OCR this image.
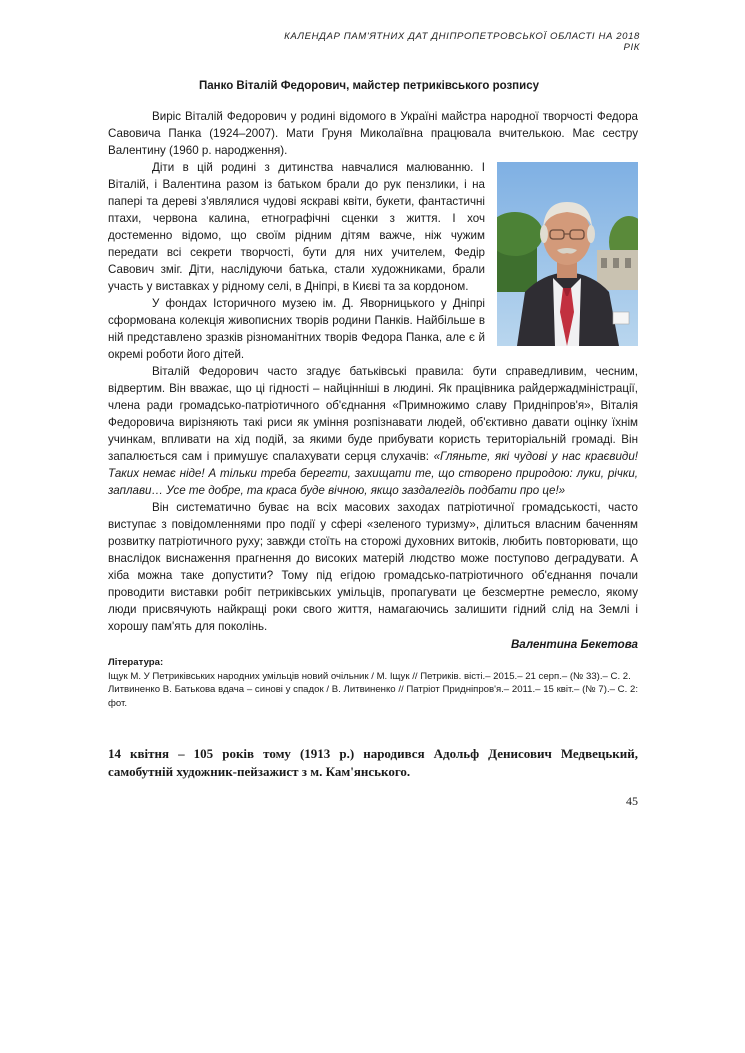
КАЛЕНДАР ПАМ'ЯТНИХ ДАТ ДНІПРОПЕТРОВСЬКОЇ ОБЛАСТІ НА 2018 РІК
Панко Віталій Федорович, майстер петриківського розпису

Виріс Віталій Федорович у родині відомого в Україні майстра народної творчості Федора Савовича Панка (1924–2007). Мати Груня Миколаївна працювала вчителькою. Має сестру Валентину (1960 р. народження).

Діти в цій родині з дитинства навчалися малюванню. І Віталій, і Валентина разом із батьком брали до рук пензлики, і на папері та дереві з'являлися чудові яскраві квіти, букети, фантастичні птахи, червона калина, етнографічні сценки з життя. І хоч достеменно відомо, що своїм рідним дітям важче, ніж чужим передати всі секрети творчості, бути для них учителем, Федір Савович зміг. Діти, наслідуючи батька, стали художниками, брали участь у виставках у рідному селі, в Дніпрі, в Києві та за кордоном.

У фондах Історичного музею ім. Д. Яворницького у Дніпрі сформована колекція живописних творів родини Панків. Найбільше в ній представлено зразків різноманітних творів Федора Панка, але є й окремі роботи його дітей.

Віталій Федорович часто згадує батьківські правила: бути справедливим, чесним, відвертим. Він вважає, що ці гідності – найцінніші в людині. Як працівника райдержадміністрації, члена ради громадсько-патріотичного об'єднання «Примножимо славу Придніпров'я», Віталія Федоровича вирізняють такі риси як уміння розпізнавати людей, об'єктивно давати оцінку їхнім учинкам, впливати на хід подій, за якими буде прибувати користь територіальній громаді. Він запалюється сам і примушує спалахувати серця слухачів: «Гляньте, які чудові у нас краєвиди! Таких немає ніде! А тільки треба берегти, захищати те, що створено природою: луки, річки, заплави… Усе те добре, та краса буде вічною, якщо заздалегідь подбати про це!»

Він систематично буває на всіх масових заходах патріотичної громадськості, часто виступає з повідомленнями про події у сфері «зеленого туризму», ділиться власним баченням розвитку патріотичного руху; завжди стоїть на сторожі духовних витоків, любить повторювати, що внаслідок виснаження прагнення до високих матерій людство може поступово деградувати. А хіба можна таке допустити? Тому під егідою громадсько-патріотичного об'єднання почали проводити виставки робіт петриківських умільців, пропагувати це безсмертне ремесло, якому люди присвячують найкращі роки свого життя, намагаючись залишити гідний слід на Землі і хорошу пам'ять для поколінь.

Валентина Бекетова

Література:

Іщук М. У Петриківських народних умільців новий очільник / М. Іщук // Петриків. вісті.– 2015.– 21 серп.– (№ 33).– С. 2.

Литвиненко В. Батькова вдача – синові у спадок / В. Литвиненко // Патріот Придніпров'я.– 2011.– 15 квіт.– (№ 7).– С. 2: фот.

14 квітня – 105 років тому (1913 р.) народився Адольф Денисович Медвецький, самобутній художник-пейзажист з м. Кам'янського.
45
